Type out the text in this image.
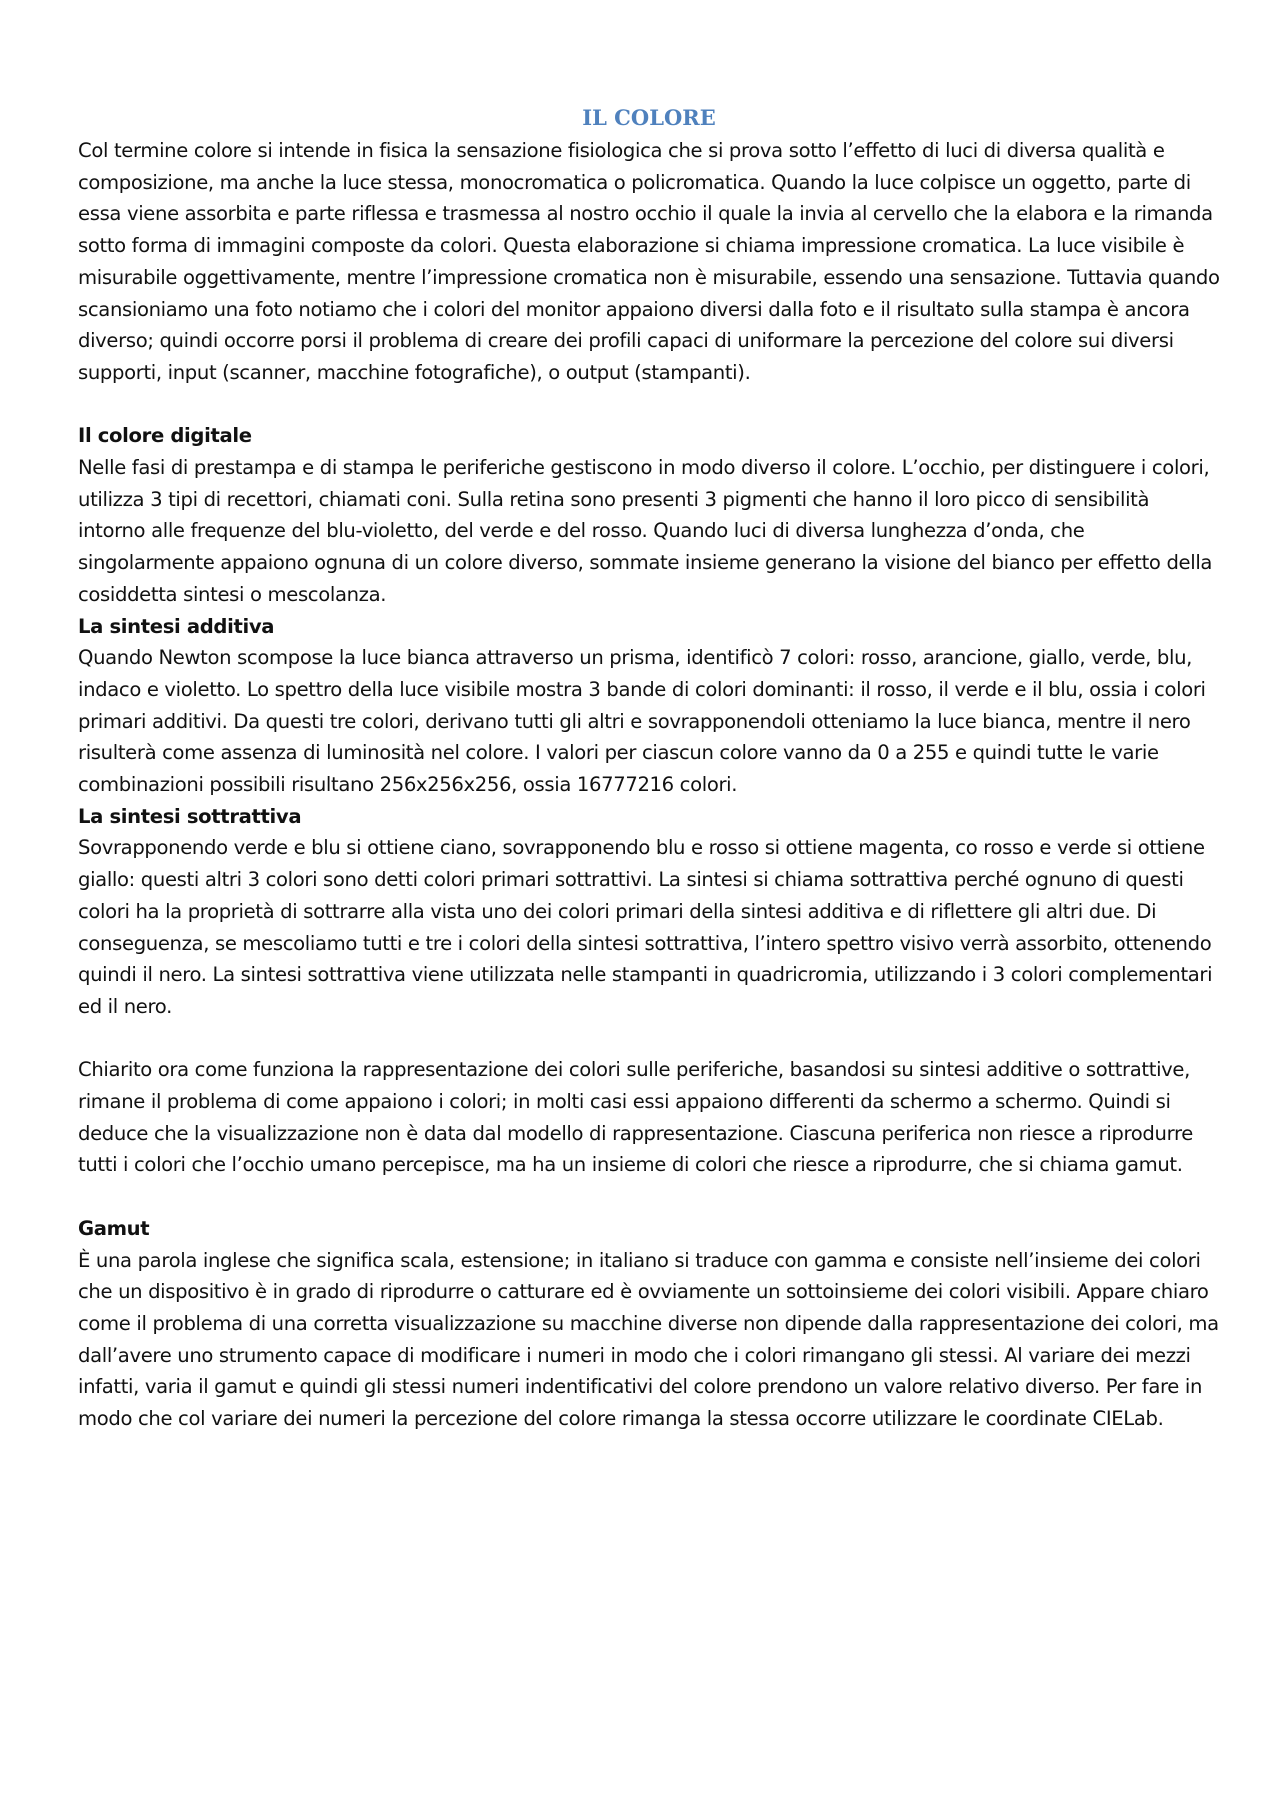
IL COLORE

Col termine colore si intende in fisica la sensazione fisiologica che si prova sotto l’effetto di luci di diversa qualità e composizione, ma anche la luce stessa, monocromatica o policromatica. Quando la luce colpisce un oggetto, parte di essa viene assorbita e parte riflessa e trasmessa al nostro occhio il quale la invia al cervello che la elabora e la rimanda sotto forma di immagini composte da colori. Questa elaborazione si chiama impressione cromatica. La luce visibile è misurabile oggettivamente, mentre l’impressione cromatica non è misurabile, essendo una sensazione. Tuttavia quando scansioniamo una foto notiamo che i colori del monitor appaiono diversi dalla foto e il risultato sulla stampa è ancora diverso; quindi occorre porsi il problema di creare dei profili capaci di uniformare la percezione del colore sui diversi supporti, input (scanner, macchine fotografiche), o output (stampanti).

Il colore digitale

Nelle fasi di prestampa e di stampa le periferiche gestiscono in modo diverso il colore. L’occhio, per distinguere i colori, utilizza 3 tipi di recettori, chiamati coni. Sulla retina sono presenti 3 pigmenti che hanno il loro picco di sensibilità intorno alle frequenze del blu-violetto, del verde e del rosso. Quando luci di diversa lunghezza d’onda, che singolarmente appaiono ognuna di un colore diverso, sommate insieme generano la visione del bianco per effetto della cosiddetta sintesi o mescolanza.

La sintesi additiva

Quando Newton scompose la luce bianca attraverso un prisma, identificò 7 colori: rosso, arancione, giallo, verde, blu, indaco e violetto. Lo spettro della luce visibile mostra 3 bande di colori dominanti: il rosso, il verde e il blu, ossia i colori primari additivi. Da questi tre colori, derivano tutti gli altri e sovrapponendoli otteniamo la luce bianca, mentre il nero risulterà come assenza di luminosità nel colore. I valori per ciascun colore vanno da 0 a 255 e quindi tutte le varie combinazioni possibili risultano 256x256x256, ossia 16777216 colori.

La sintesi sottrattiva

Sovrapponendo verde e blu si ottiene ciano, sovrapponendo blu e rosso si ottiene magenta, co rosso e verde si ottiene giallo: questi altri 3 colori sono detti colori primari sottrattivi. La sintesi si chiama sottrattiva perché ognuno di questi colori ha la proprietà di sottrarre alla vista uno dei colori primari della sintesi additiva e di riflettere gli altri due. Di conseguenza, se mescoliamo tutti e tre i colori della sintesi sottrattiva, l’intero spettro visivo verrà assorbito, ottenendo quindi il nero. La sintesi sottrattiva viene utilizzata nelle stampanti in quadricromia, utilizzando i 3 colori complementari ed il nero.

Chiarito ora come funziona la rappresentazione dei colori sulle periferiche, basandosi su sintesi additive o sottrattive, rimane il problema di come appaiono i colori; in molti casi essi appaiono differenti da schermo a schermo. Quindi si deduce che la visualizzazione non è data dal modello di rappresentazione. Ciascuna periferica non riesce a riprodurre tutti i colori che l’occhio umano percepisce, ma ha un insieme di colori che riesce a riprodurre, che si chiama gamut.

Gamut

È una parola inglese che significa scala, estensione; in italiano si traduce con gamma e consiste nell’insieme dei colori che un dispositivo è in grado di riprodurre o catturare ed è ovviamente un sottoinsieme dei colori visibili. Appare chiaro come il problema di una corretta visualizzazione su macchine diverse non dipende dalla rappresentazione dei colori, ma dall’avere uno strumento capace di modificare i numeri in modo che i colori rimangano gli stessi. Al variare dei mezzi infatti, varia il gamut e quindi gli stessi numeri indentificativi del colore prendono un valore relativo diverso. Per fare in modo che col variare dei numeri la percezione del colore rimanga la stessa occorre utilizzare le coordinate CIELab.
